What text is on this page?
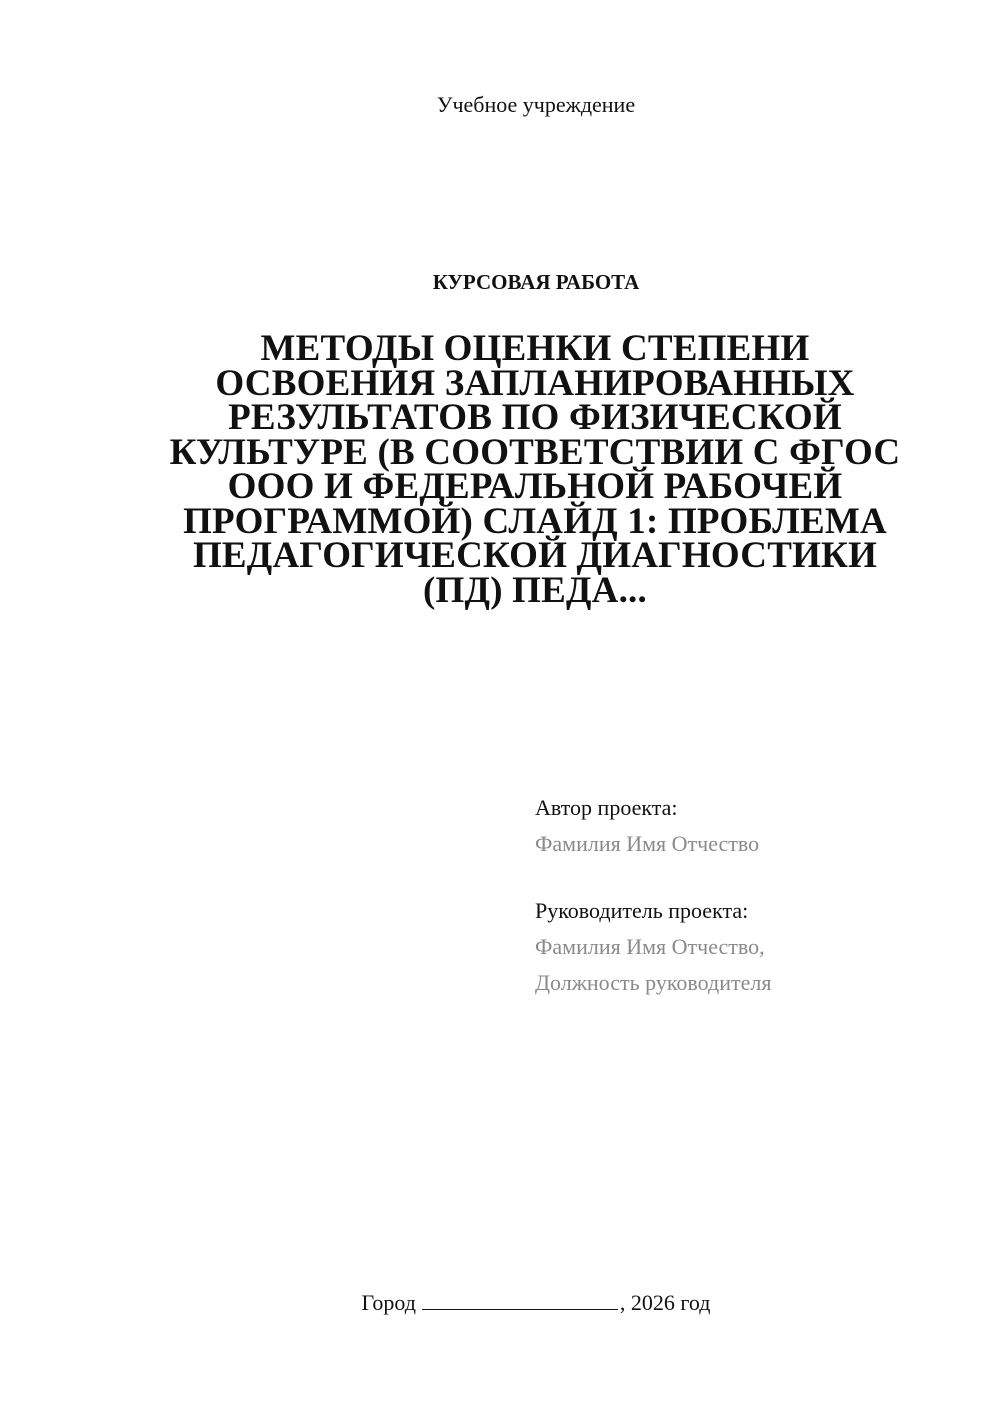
Учебное учреждение
КУРСОВАЯ РАБОТА
МЕТОДЫ ОЦЕНКИ СТЕПЕНИ
ОСВОЕНИЯ ЗАПЛАНИРОВАННЫХ
РЕЗУЛЬТАТОВ ПО ФИЗИЧЕСКОЙ
КУЛЬТУРЕ (В СООТВЕТСТВИИ С ФГОС
ООО И ФЕДЕРАЛЬНОЙ РАБОЧЕЙ
ПРОГРАММОЙ) СЛАЙД 1: ПРОБЛЕМА
ПЕДАГОГИЧЕСКОЙ ДИАГНОСТИКИ
(ПД) ПЕДА...
Автор проекта:
Фамилия Имя Отчество
Руководитель проекта:
Фамилия Имя Отчество,
Должность руководителя
Город	, 2026 год
